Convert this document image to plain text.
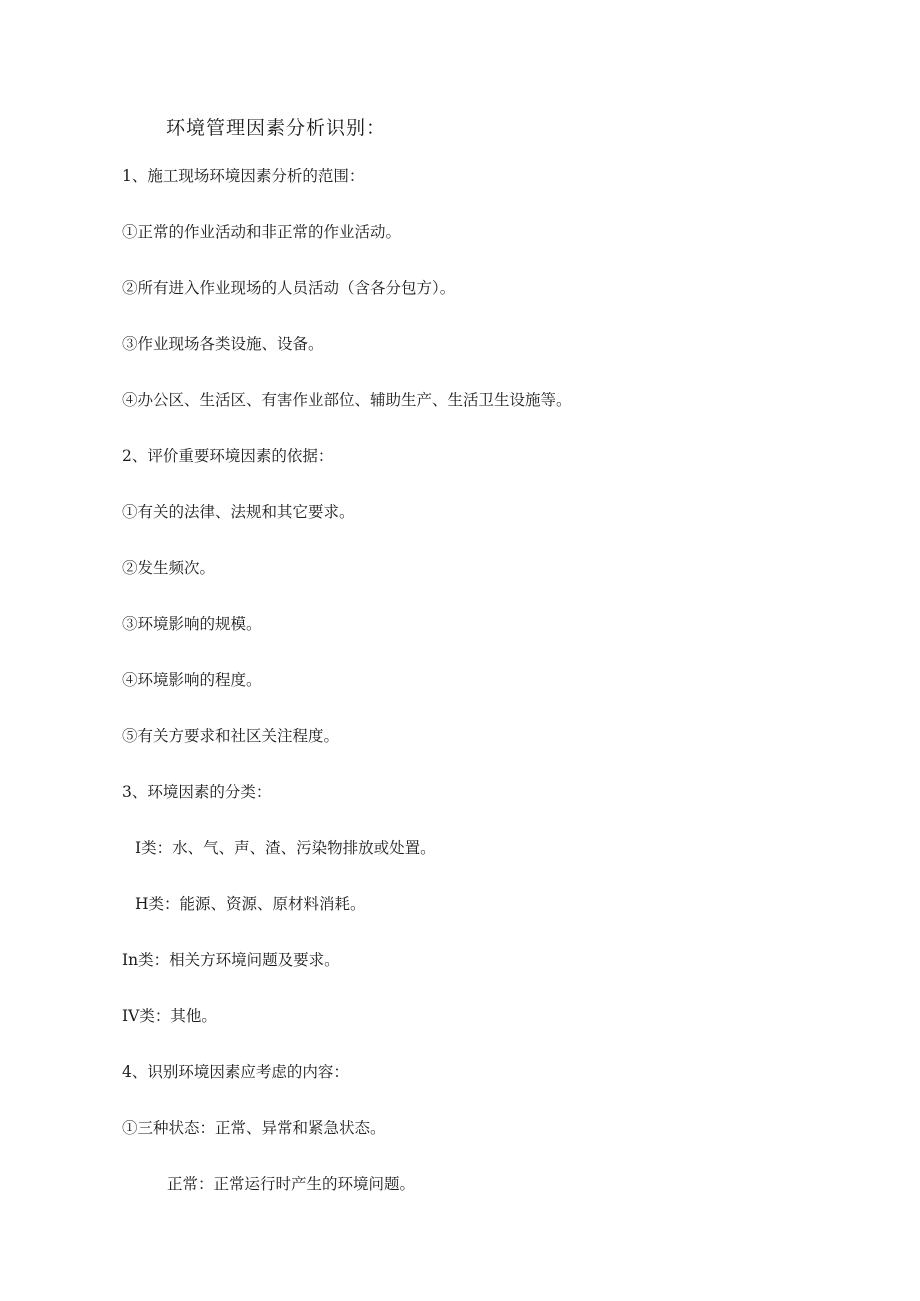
环境管理因素分析识别：
1、施工现场环境因素分析的范围：
①正常的作业活动和非正常的作业活动。
②所有进入作业现场的人员活动（含各分包方）。
③作业现场各类设施、设备。
④办公区、生活区、有害作业部位、辅助生产、生活卫生设施等。
2、评价重要环境因素的依据：
①有关的法律、法规和其它要求。
②发生频次。
③环境影响的规模。
④环境影响的程度。
⑤有关方要求和社区关注程度。
3、环境因素的分类：
I类：水、气、声、渣、污染物排放或处置。
H类：能源、资源、原材料消耗。
In类：相关方环境问题及要求。
IV类：其他。
4、识别环境因素应考虑的内容：
①三种状态：正常、异常和紧急状态。
正常：正常运行时产生的环境问题。
